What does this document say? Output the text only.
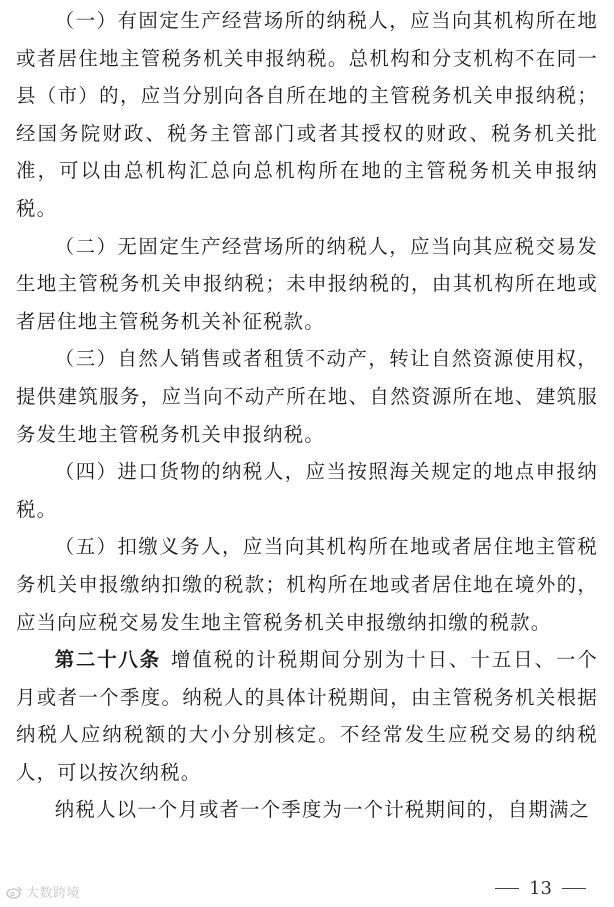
（一）有固定生产经营场所的纳税人，应当向其机构所在地或者居住地主管税务机关申报纳税。总机构和分支机构不在同一县（市）的，应当分别向各自所在地的主管税务机关申报纳税；经国务院财政、税务主管部门或者其授权的财政、税务机关批准，可以由总机构汇总向总机构所在地的主管税务机关申报纳税。

（二）无固定生产经营场所的纳税人，应当向其应税交易发生地主管税务机关申报纳税；未申报纳税的，由其机构所在地或者居住地主管税务机关补征税款。

（三）自然人销售或者租赁不动产，转让自然资源使用权，提供建筑服务，应当向不动产所在地、自然资源所在地、建筑服务发生地主管税务机关申报纳税。

（四）进口货物的纳税人，应当按照海关规定的地点申报纳税。

（五）扣缴义务人，应当向其机构所在地或者居住地主管税务机关申报缴纳扣缴的税款；机构所在地或者居住地在境外的，应当向应税交易发生地主管税务机关申报缴纳扣缴的税款。

第二十八条 增值税的计税期间分别为十日、十五日、一个月或者一个季度。纳税人的具体计税期间，由主管税务机关根据纳税人应纳税额的大小分别核定。不经常发生应税交易的纳税人，可以按次纳税。

纳税人以一个月或者一个季度为一个计税期间的，自期满之

大数跨境	13
